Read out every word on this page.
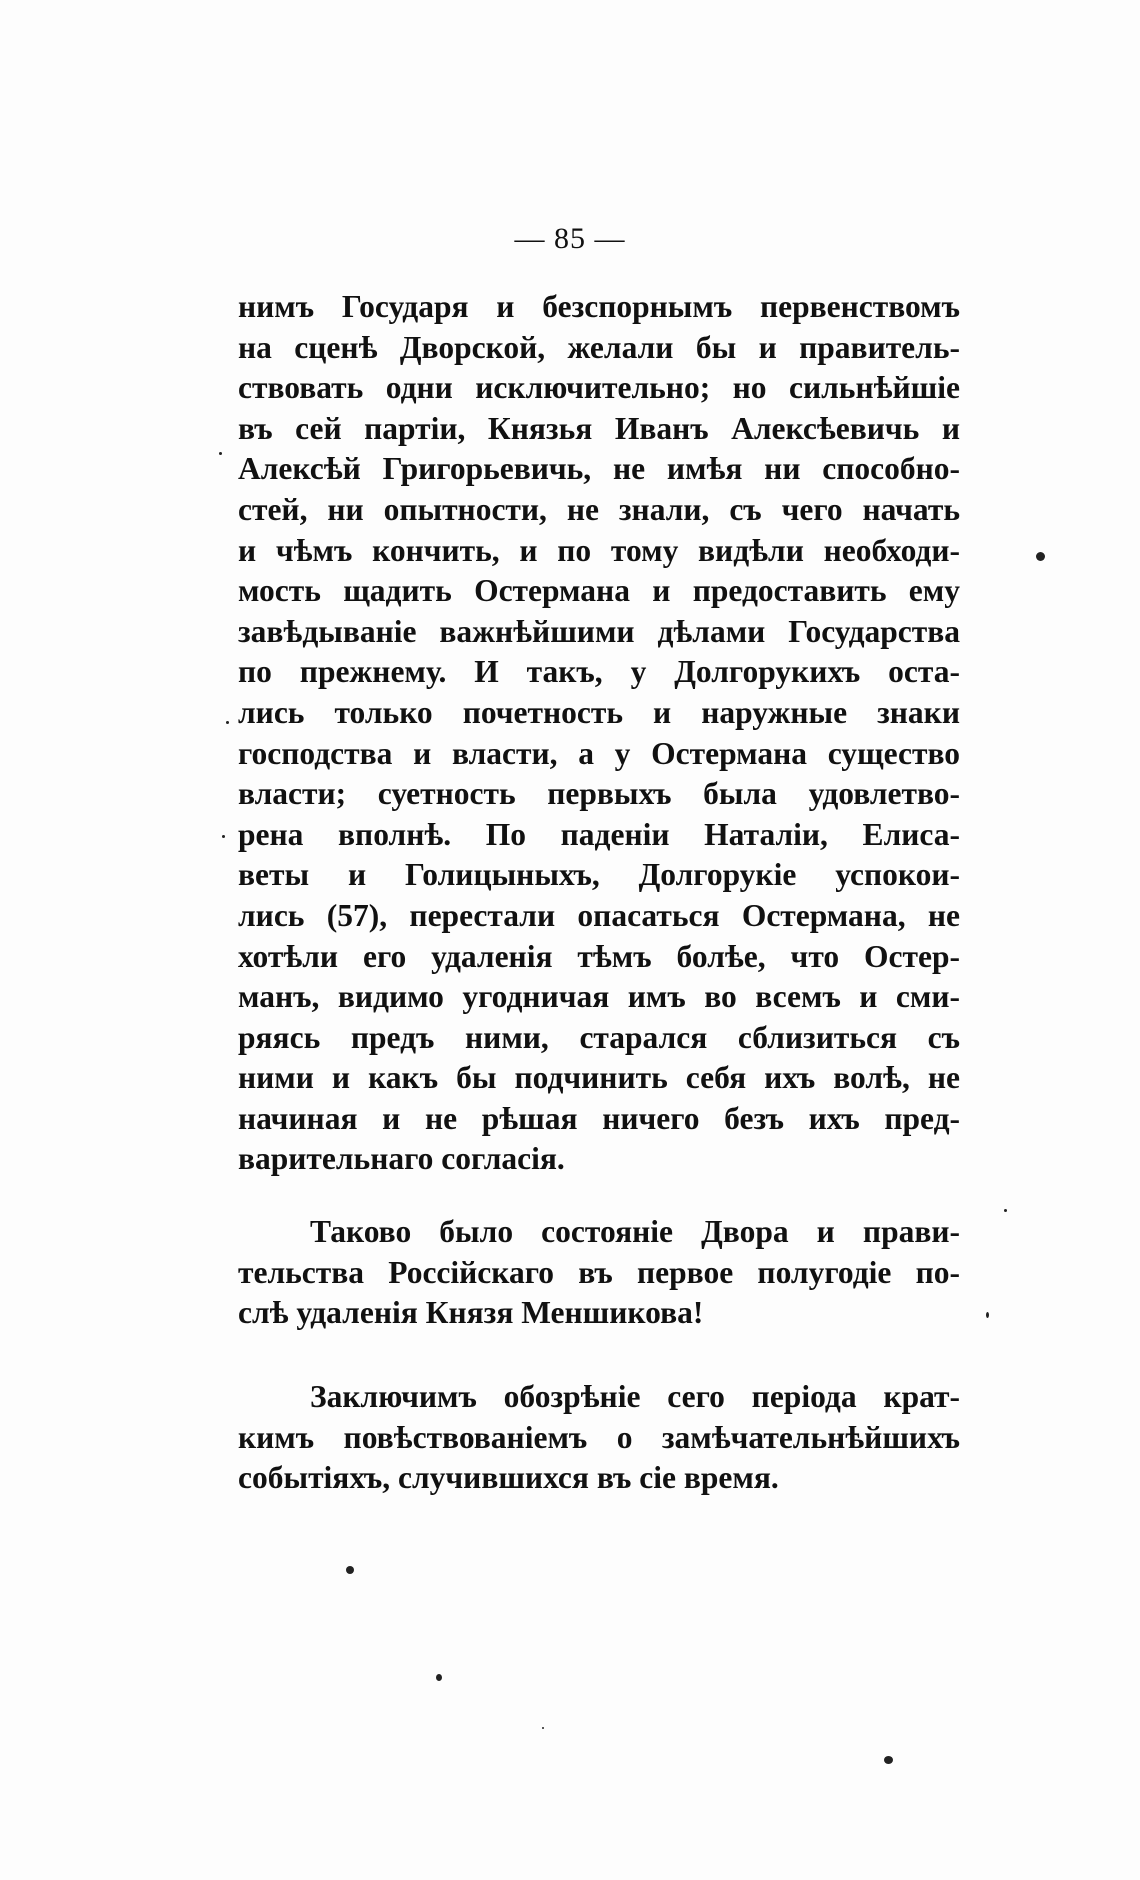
— 85 —
нимъ Государя и безспорнымъ первенствомъ
на сценѣ Дворской, желали бы и правитель-
ствовать одни исключительно; но сильнѣйшіе
въ сей партіи, Князья Иванъ Алексѣевичь и
Алексѣй Григорьевичь, не имѣя ни способно-
стей, ни опытности, не знали, съ чего начать
и чѣмъ кончить, и по тому видѣли необходи-
мость щадить Остермана и предоставить ему
завѣдываніе важнѣйшими дѣлами Государства
по прежнему. И такъ, у Долгорукихъ оста-
лись только почетность и наружные знаки
господства и власти, а у Остермана существо
власти; суетность первыхъ была удовлетво-
рена вполнѣ. По паденіи Наталіи, Елиса-
веты и Голицыныхъ, Долгорукіе успокои-
лись (57), перестали опасаться Остермана, не
хотѣли его удаленія тѣмъ болѣе, что Остер-
манъ, видимо угодничая имъ во всемъ и сми-
ряясь предъ ними, старался сблизиться съ
ними и какъ бы подчинить себя ихъ волѣ, не
начиная и не рѣшая ничего безъ ихъ пред-
варительнаго согласія.
Таково было состояніе Двора и прави-
тельства Россійскаго въ первое полугодіе по-
слѣ удаленія Князя Меншикова!
Заключимъ обозрѣніе сего періода крат-
кимъ повѣствованіемъ о замѣчательнѣйшихъ
событіяхъ, случившихся въ сіе время.
